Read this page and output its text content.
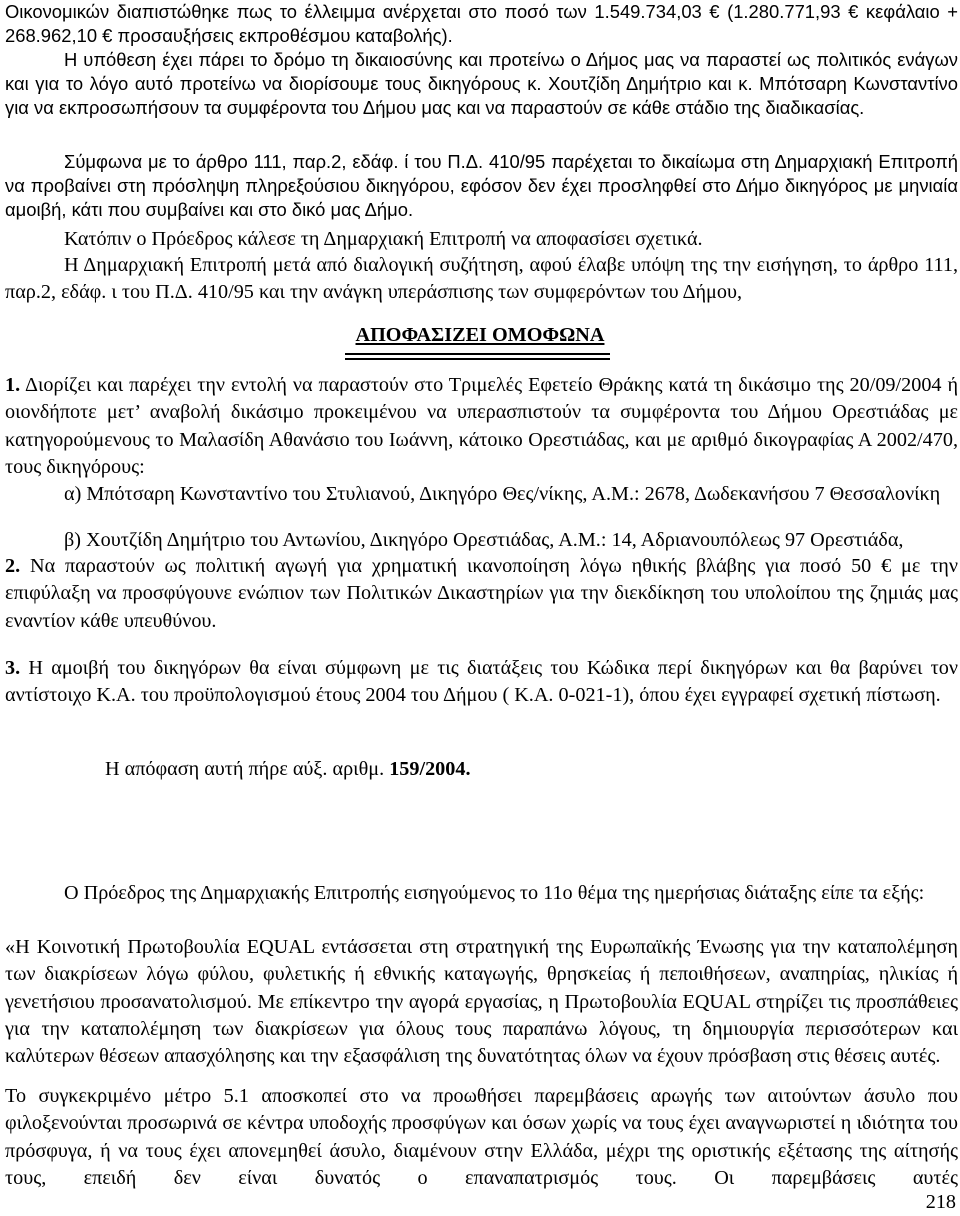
Οικονομικών διαπιστώθηκε πως το έλλειμμα ανέρχεται στο ποσό των 1.549.734,03 € (1.280.771,93 € κεφάλαιο + 268.962,10 € προσαυξήσεις εκπροθέσμου καταβολής).

Η υπόθεση έχει πάρει το δρόμο τη δικαιοσύνης και προτείνω ο Δήμος μας να παραστεί ως πολιτικός ενάγων και για το λόγο αυτό προτείνω να διορίσουμε τους δικηγόρους κ. Χουτζίδη Δημήτριο και κ. Μπότσαρη Κωνσταντίνο για να εκπροσωπήσουν τα συμφέροντα του Δήμου μας και να παραστούν σε κάθε στάδιο της διαδικασίας.

Σύμφωνα με το άρθρο 111, παρ.2, εδάφ. ί του Π.Δ. 410/95 παρέχεται το δικαίωμα στη Δημαρχιακή Επιτροπή να προβαίνει στη πρόσληψη πληρεξούσιου δικηγόρου, εφόσον δεν έχει προσληφθεί στο Δήμο δικηγόρος με μηνιαία αμοιβή, κάτι που συμβαίνει και στο δικό μας Δήμο.

Κατόπιν ο Πρόεδρος κάλεσε τη Δημαρχιακή Επιτροπή να αποφασίσει σχετικά.

Η Δημαρχιακή Επιτροπή μετά από διαλογική συζήτηση, αφού έλαβε υπόψη της την εισήγηση, το άρθρο 111, παρ.2, εδάφ. ι του Π.Δ. 410/95 και την ανάγκη υπεράσπισης των συμφερόντων του Δήμου,

ΑΠΟΦΑΣΙΖΕΙ ΟΜΟΦΩΝΑ

1. Διορίζει και παρέχει την εντολή να παραστούν στο Τριμελές Εφετείο Θράκης κατά τη δικάσιμο της 20/09/2004 ή οιονδήποτε μετ’ αναβολή δικάσιμο προκειμένου να υπερασπιστούν τα συμφέροντα του Δήμου Ορεστιάδας με κατηγορούμενους το Μαλασίδη Αθανάσιο του Ιωάννη, κάτοικο Ορεστιάδας, και με αριθμό δικογραφίας Α 2002/470, τους δικηγόρους:

α) Μπότσαρη Κωνσταντίνο του Στυλιανού, Δικηγόρο Θες/νίκης, Α.Μ.: 2678, Δωδεκανήσου 7 Θεσσαλονίκη

β) Χουτζίδη Δημήτριο του Αντωνίου, Δικηγόρο Ορεστιάδας, Α.Μ.: 14, Αδριανουπόλεως 97 Ορεστιάδα,

2. Να παραστούν ως πολιτική αγωγή για χρηματική ικανοποίηση λόγω ηθικής βλάβης για ποσό 50 € με την επιφύλαξη να προσφύγουνε ενώπιον των Πολιτικών Δικαστηρίων για την διεκδίκηση του υπολοίπου της ζημιάς μας εναντίον κάθε υπευθύνου.

3. Η αμοιβή του δικηγόρων θα είναι σύμφωνη με τις διατάξεις του Κώδικα περί δικηγόρων και θα βαρύνει τον αντίστοιχο Κ.Α. του προϋπολογισμού έτους 2004 του Δήμου ( Κ.Α. 0-021-1), όπου έχει εγγραφεί σχετική πίστωση.

Η απόφαση αυτή πήρε αύξ. αριθμ. 159/2004.

Ο Πρόεδρος της Δημαρχιακής Επιτροπής εισηγούμενος το 11ο θέμα της ημερήσιας διάταξης είπε τα εξής:

«Η Κοινοτική Πρωτοβουλία EQUAL εντάσσεται στη στρατηγική της Ευρωπαϊκής Ένωσης για την καταπολέμηση των διακρίσεων λόγω φύλου, φυλετικής ή εθνικής καταγωγής, θρησκείας ή πεποιθήσεων, αναπηρίας, ηλικίας ή γενετήσιου προσανατολισμού. Με επίκεντρο την αγορά εργασίας, η Πρωτοβουλία EQUAL στηρίζει τις προσπάθειες για την καταπολέμηση των διακρίσεων για όλους τους παραπάνω λόγους, τη δημιουργία περισσότερων και καλύτερων θέσεων απασχόλησης και την εξασφάλιση της δυνατότητας όλων να έχουν πρόσβαση στις θέσεις αυτές.

Το συγκεκριμένο μέτρο 5.1 αποσκοπεί στο να προωθήσει παρεμβάσεις αρωγής των αιτούντων άσυλο που φιλοξενούνται προσωρινά σε κέντρα υποδοχής προσφύγων και όσων χωρίς να τους έχει αναγνωριστεί η ιδιότητα του πρόσφυγα, ή να τους έχει απονεμηθεί άσυλο, διαμένουν στην Ελλάδα, μέχρι της οριστικής εξέτασης της αίτησής τους, επειδή δεν είναι δυνατός ο επαναπατρισμός τους. Οι παρεμβάσεις αυτές

218
